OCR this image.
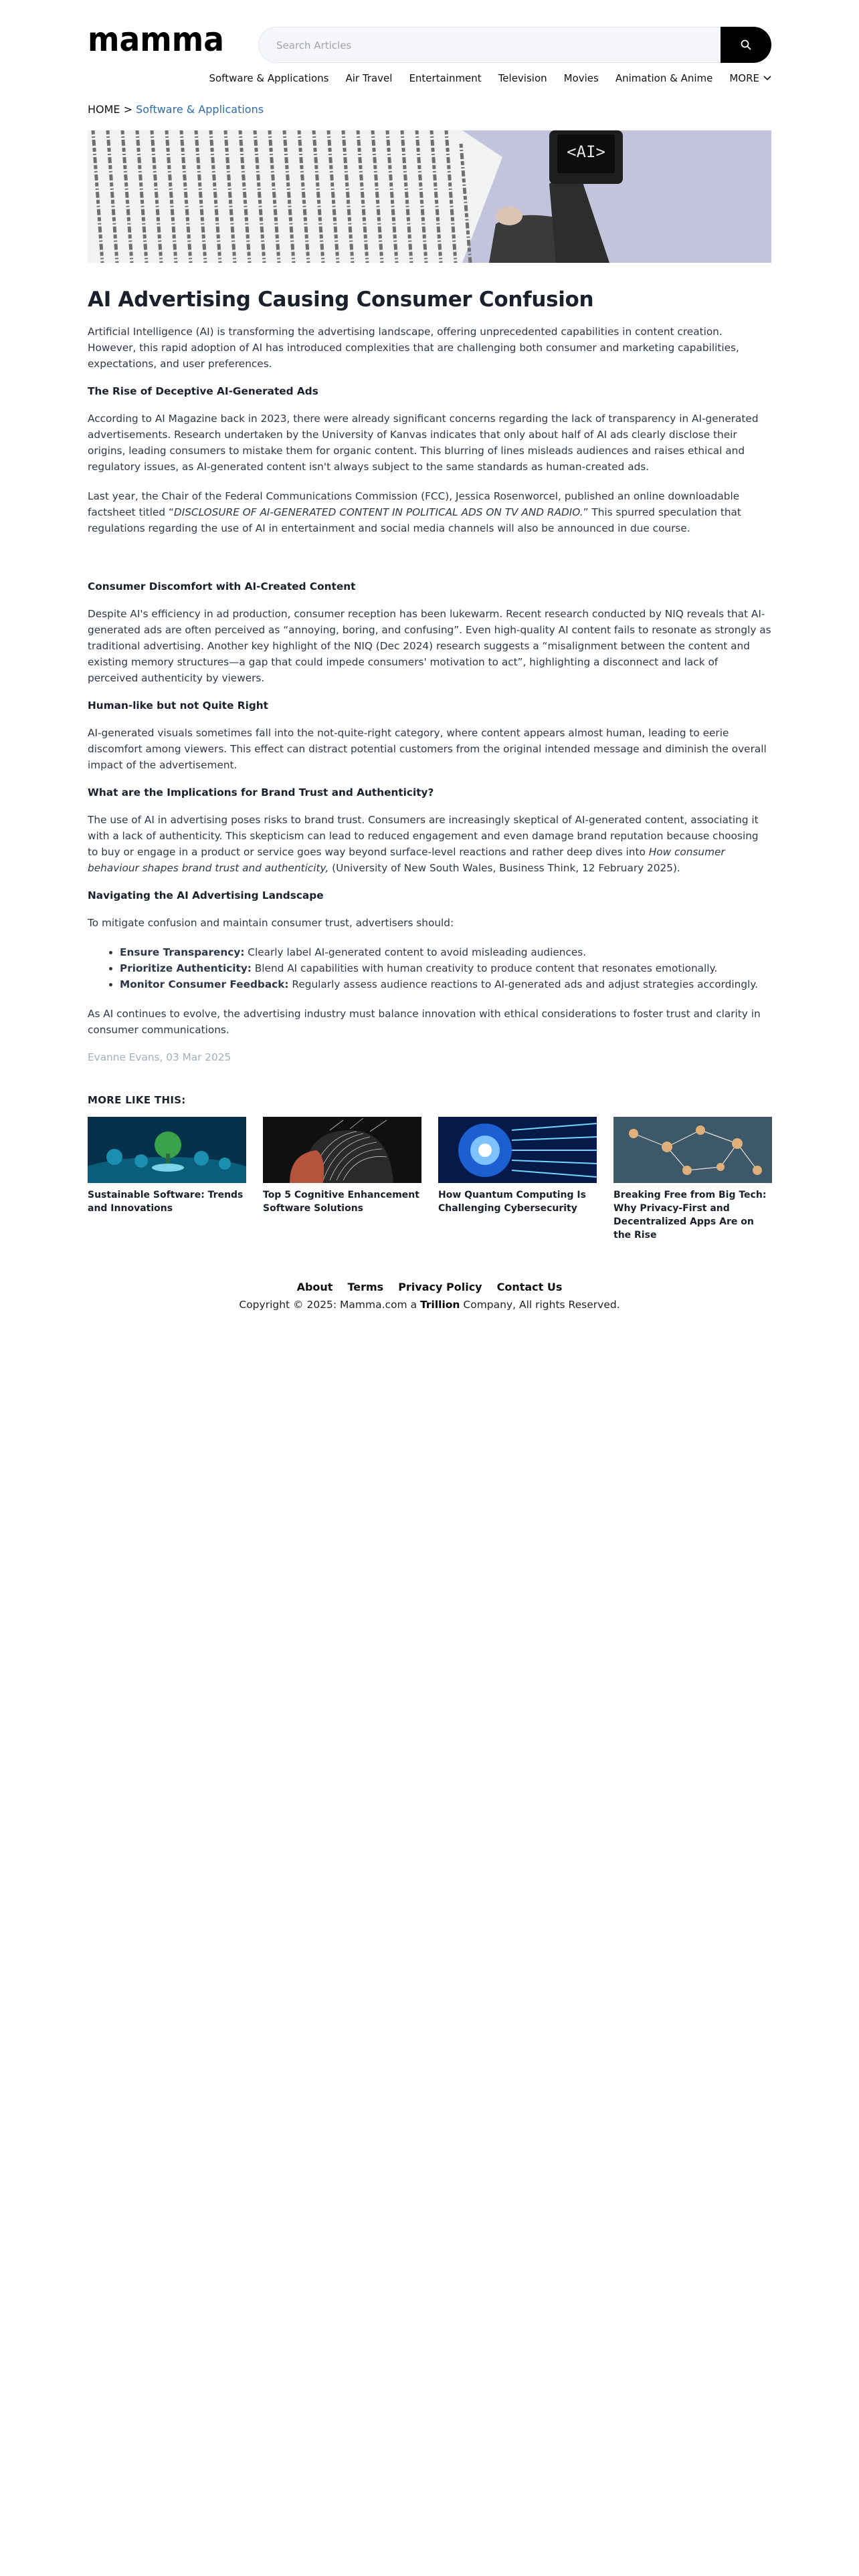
mamma
Search Articles
Software & Applications Air Travel Entertainment Television Movies Animation & Anime MORE
HOME > Software & Applications
<AI>
AI Advertising Causing Consumer Confusion

Artificial Intelligence (AI) is transforming the advertising landscape, offering unprecedented capabilities in content creation. However, this rapid adoption of AI has introduced complexities that are challenging both consumer and marketing capabilities, expectations, and user preferences.

The Rise of Deceptive AI-Generated Ads

According to AI Magazine back in 2023, there were already significant concerns regarding the lack of transparency in AI-generated advertisements. Research undertaken by the University of Kanvas indicates that only about half of AI ads clearly disclose their origins, leading consumers to mistake them for organic content. This blurring of lines misleads audiences and raises ethical and regulatory issues, as AI-generated content isn't always subject to the same standards as human-created ads.

Last year, the Chair of the Federal Communications Commission (FCC), Jessica Rosenworcel, published an online downloadable factsheet titled “DISCLOSURE OF AI-GENERATED CONTENT IN POLITICAL ADS ON TV AND RADIO.” This spurred speculation that regulations regarding the use of AI in entertainment and social media channels will also be announced in due course.

Consumer Discomfort with AI-Created Content

Despite AI's efficiency in ad production, consumer reception has been lukewarm. Recent research conducted by NIQ reveals that AI-generated ads are often perceived as “annoying, boring, and confusing”. Even high-quality AI content fails to resonate as strongly as traditional advertising. Another key highlight of the NIQ (Dec 2024) research suggests a “misalignment between the content and existing memory structures—a gap that could impede consumers' motivation to act”, highlighting a disconnect and lack of perceived authenticity by viewers.

Human-like but not Quite Right

AI-generated visuals sometimes fall into the not-quite-right category, where content appears almost human, leading to eerie discomfort among viewers. This effect can distract potential customers from the original intended message and diminish the overall impact of the advertisement.

What are the Implications for Brand Trust and Authenticity?

The use of AI in advertising poses risks to brand trust. Consumers are increasingly skeptical of AI-generated content, associating it with a lack of authenticity. This skepticism can lead to reduced engagement and even damage brand reputation because choosing to buy or engage in a product or service goes way beyond surface-level reactions and rather deep dives into How consumer behaviour shapes brand trust and authenticity, (University of New South Wales, Business Think, 12 February 2025).

Navigating the AI Advertising Landscape

To mitigate confusion and maintain consumer trust, advertisers should:

• Ensure Transparency: Clearly label AI-generated content to avoid misleading audiences.
• Prioritize Authenticity: Blend AI capabilities with human creativity to produce content that resonates emotionally.
• Monitor Consumer Feedback: Regularly assess audience reactions to AI-generated ads and adjust strategies accordingly.

As AI continues to evolve, the advertising industry must balance innovation with ethical considerations to foster trust and clarity in consumer communications.

Evanne Evans, 03 Mar 2025

MORE LIKE THIS:

Sustainable Software: Trends and Innovations
Top 5 Cognitive Enhancement Software Solutions
How Quantum Computing Is Challenging Cybersecurity
Breaking Free from Big Tech: Why Privacy-First and Decentralized Apps Are on the Rise
About Terms Privacy Policy Contact Us
Copyright © 2025: Mamma.com a Trillion Company, All rights Reserved.
